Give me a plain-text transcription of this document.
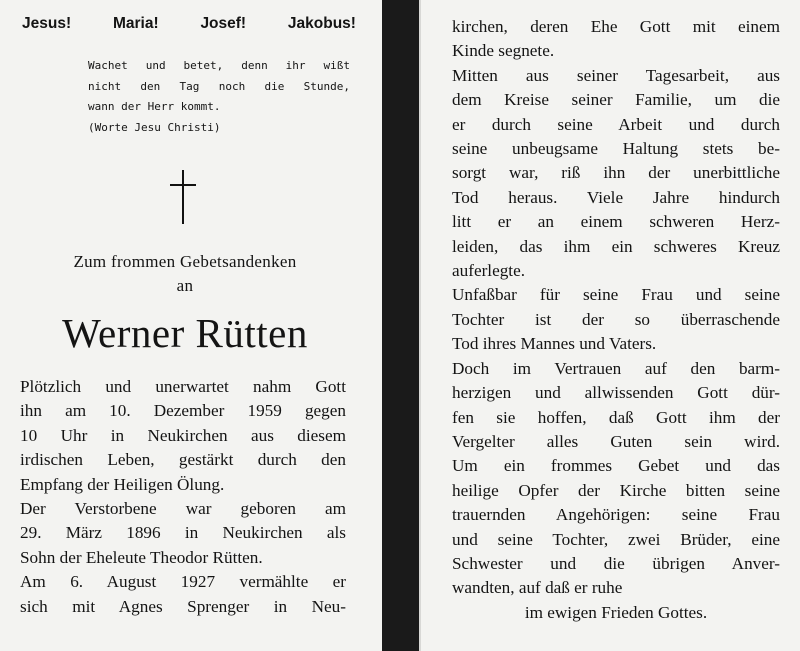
Jesus!	Maria!	Josef!	Jakobus!
Wachet und betet, denn ihr wißt
nicht den Tag noch die Stunde,
wann der Herr kommt.
(Worte Jesu Christi)
Zum frommen Gebetsandenken
an
Werner Rütten
Plötzlich und unerwartet nahm Gott
ihn am 10. Dezember 1959 gegen
10 Uhr in Neukirchen aus diesem
irdischen Leben, gestärkt durch den
Empfang der Heiligen Ölung.
Der Verstorbene war geboren am
29. März 1896 in Neukirchen als
Sohn der Eheleute Theodor Rütten.
Am 6. August 1927 vermählte er
sich mit Agnes Sprenger in Neu-
kirchen, deren Ehe Gott mit einem
Kinde segnete.
Mitten aus seiner Tagesarbeit, aus
dem Kreise seiner Familie, um die
er durch seine Arbeit und durch
seine unbeugsame Haltung stets be-
sorgt war, riß ihn der unerbittliche
Tod heraus. Viele Jahre hindurch
litt er an einem schweren Herz-
leiden, das ihm ein schweres Kreuz
auferlegte.
Unfaßbar für seine Frau und seine
Tochter ist der so überraschende
Tod ihres Mannes und Vaters.
Doch im Vertrauen auf den barm-
herzigen und allwissenden Gott dür-
fen sie hoffen, daß Gott ihm der
Vergelter alles Guten sein wird.
Um ein frommes Gebet und das
heilige Opfer der Kirche bitten seine
trauernden Angehörigen: seine Frau
und seine Tochter, zwei Brüder, eine
Schwester und die übrigen Anver-
wandten, auf daß er ruhe
im ewigen Frieden Gottes.
